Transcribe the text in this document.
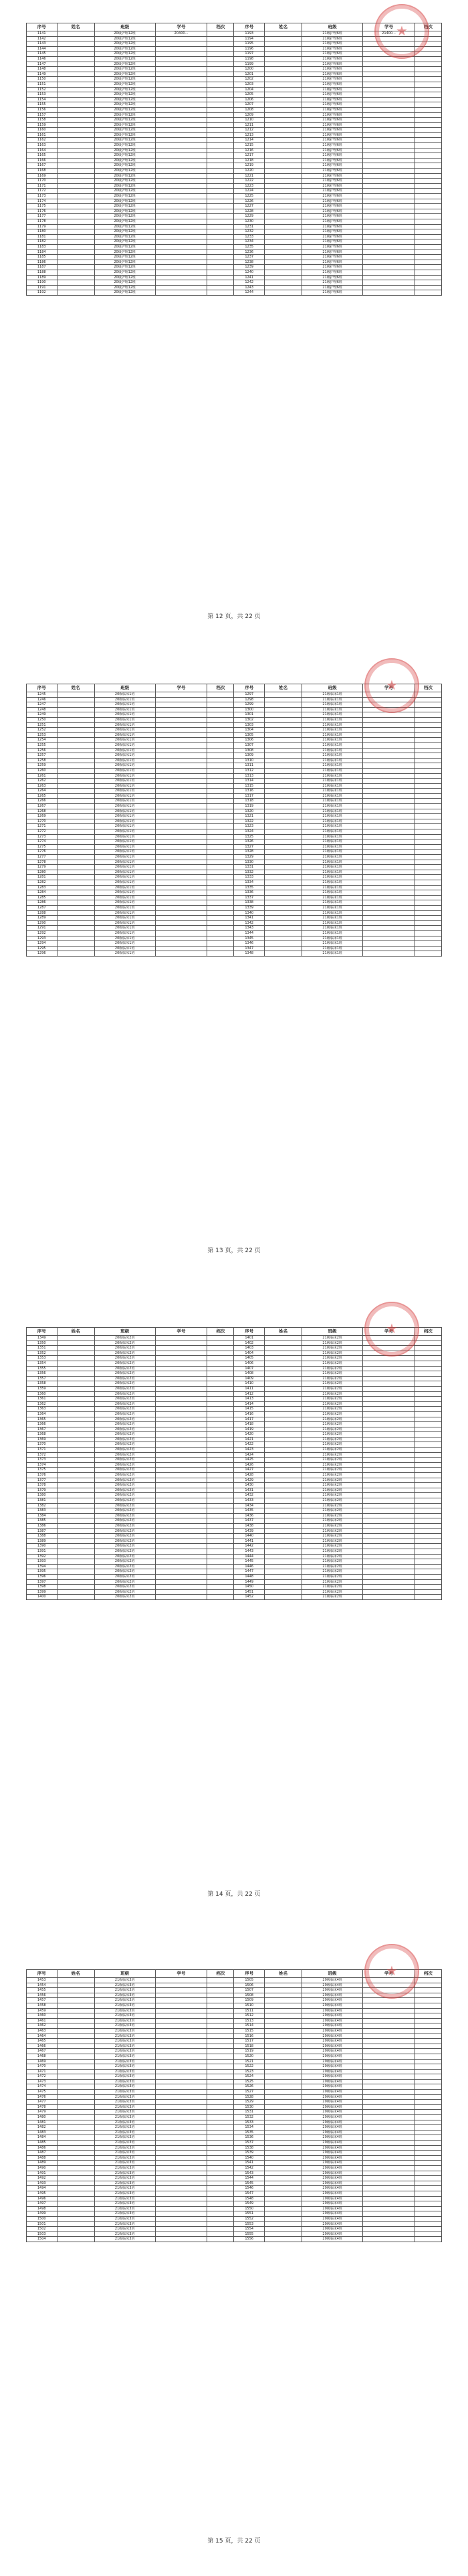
序号	姓名	班级	学号	档次	序号	姓名	班级	学号	档次
1141		20级护理12班	20400...		1193		21级护理6班	21400...	
1142		20级护理12班			1194		21级护理6班		
1143		20级护理12班			1195		21级护理6班		
1144		20级护理12班			1196		21级护理6班		
1145		20级护理12班			1197		21级护理6班		
1146		20级护理12班			1198		21级护理6班		
1147		20级护理12班			1199		21级护理6班		
1148		20级护理12班			1200		21级护理6班		
1149		20级护理12班			1201		21级护理6班		
1150		20级护理12班			1202		21级护理6班		
1151		20级护理12班			1203		21级护理6班		
1152		20级护理12班			1204		21级护理6班		
1153		20级护理12班			1205		21级护理6班		
1154		20级护理12班			1206		21级护理6班		
1155		20级护理12班			1207		21级护理6班		
1156		20级护理12班			1208		21级护理6班		
1157		20级护理12班			1209		21级护理6班		
1158		20级护理12班			1210		21级护理6班		
1159		20级护理12班			1211		21级护理6班		
1160		20级护理12班			1212		21级护理6班		
1161		20级护理12班			1213		21级护理6班		
1162		20级护理12班			1214		21级护理6班		
1163		20级护理12班			1215		21级护理6班		
1164		20级护理12班			1216		21级护理6班		
1165		20级护理12班			1217		21级护理6班		
1166		20级护理12班			1218		21级护理6班		
1167		20级护理12班			1219		21级护理6班		
1168		20级护理12班			1220		21级护理6班		
1169		20级护理12班			1221		21级护理6班		
1170		20级护理12班			1222		21级护理6班		
1171		20级护理12班			1223		21级护理6班		
1172		20级护理12班			1224		21级护理6班		
1173		20级护理12班			1225		21级护理6班		
1174		20级护理12班			1226		21级护理6班		
1175		20级护理12班			1227		21级护理6班		
1176		20级护理12班			1228		21级护理6班		
1177		20级护理12班			1229		21级护理6班		
1178		20级护理12班			1230		21级护理6班		
1179		20级护理12班			1231		21级护理6班		
1180		20级护理12班			1232		21级护理6班		
1181		20级护理12班			1233		21级护理6班		
1182		20级护理12班			1234		21级护理6班		
1183		20级护理12班			1235		21级护理6班		
1184		20级护理12班			1236		21级护理6班		
1185		20级护理12班			1237		21级护理6班		
1186		20级护理12班			1238		21级护理6班		
1187		20级护理12班			1239		21级护理6班		
1188		20级护理12班			1240		21级护理6班		
1189		20级护理12班			1241		21级护理6班		
1190		20级护理12班			1242		21级护理6班		
1191		20级护理12班			1243		21级护理6班		
1192		20级护理12班			1244		21级护理6班		
★
第 12 页，共 22 页
序号	姓名	班级	学号	档次	序号	姓名	班级	学号	档次
1245		20级临床1班			1297		21级临床1班		
1246		20级临床1班			1298		21级临床1班		
1247		20级临床1班			1299		21级临床1班		
1248		20级临床1班			1300		21级临床1班		
1249		20级临床1班			1301		21级临床1班		
1250		20级临床1班			1302		21级临床1班		
1251		20级临床1班			1303		21级临床1班		
1252		20级临床1班			1304		21级临床1班		
1253		20级临床1班			1305		21级临床1班		
1254		20级临床1班			1306		21级临床1班		
1255		20级临床1班			1307		21级临床1班		
1256		20级临床1班			1308		21级临床1班		
1257		20级临床1班			1309		21级临床1班		
1258		20级临床1班			1310		21级临床1班		
1259		20级临床1班			1311		21级临床1班		
1260		20级临床1班			1312		21级临床1班		
1261		20级临床1班			1313		21级临床1班		
1262		20级临床1班			1314		21级临床1班		
1263		20级临床1班			1315		21级临床1班		
1264		20级临床1班			1316		21级临床1班		
1265		20级临床1班			1317		21级临床1班		
1266		20级临床1班			1318		21级临床1班		
1267		20级临床1班			1319		21级临床1班		
1268		20级临床1班			1320		21级临床1班		
1269		20级临床1班			1321		21级临床1班		
1270		20级临床1班			1322		21级临床1班		
1271		20级临床1班			1323		21级临床1班		
1272		20级临床1班			1324		21级临床1班		
1273		20级临床1班			1325		21级临床1班		
1274		20级临床1班			1326		21级临床1班		
1275		20级临床1班			1327		21级临床1班		
1276		20级临床1班			1328		21级临床1班		
1277		20级临床1班			1329		21级临床1班		
1278		20级临床1班			1330		21级临床1班		
1279		20级临床1班			1331		21级临床1班		
1280		20级临床1班			1332		21级临床1班		
1281		20级临床1班			1333		21级临床1班		
1282		20级临床1班			1334		21级临床1班		
1283		20级临床1班			1335		21级临床1班		
1284		20级临床1班			1336		21级临床1班		
1285		20级临床1班			1337		21级临床1班		
1286		20级临床1班			1338		21级临床1班		
1287		20级临床1班			1339		21级临床1班		
1288		20级临床1班			1340		21级临床1班		
1289		20级临床1班			1341		21级临床1班		
1290		20级临床1班			1342		21级临床1班		
1291		20级临床1班			1343		21级临床1班		
1292		20级临床1班			1344		21级临床1班		
1293		20级临床1班			1345		21级临床1班		
1294		20级临床1班			1346		21级临床1班		
1295		20级临床1班			1347		21级临床1班		
1296		20级临床1班			1348		21级临床1班		
★
第 13 页，共 22 页
序号	姓名	班级	学号	档次	序号	姓名	班级	学号	档次
1349		20级临床2班			1401		21级临床2班		
1350		20级临床2班			1402		21级临床2班		
1351		20级临床2班			1403		21级临床2班		
1352		20级临床2班			1404		21级临床2班		
1353		20级临床2班			1405		21级临床2班		
1354		20级临床2班			1406		21级临床2班		
1355		20级临床2班			1407		21级临床2班		
1356		20级临床2班			1408		21级临床2班		
1357		20级临床2班			1409		21级临床2班		
1358		20级临床2班			1410		21级临床2班		
1359		20级临床2班			1411		21级临床2班		
1360		20级临床2班			1412		21级临床2班		
1361		20级临床2班			1413		21级临床2班		
1362		20级临床2班			1414		21级临床2班		
1363		20级临床2班			1415		21级临床2班		
1364		20级临床2班			1416		21级临床2班		
1365		20级临床2班			1417		21级临床2班		
1366		20级临床2班			1418		21级临床2班		
1367		20级临床2班			1419		21级临床2班		
1368		20级临床2班			1420		21级临床2班		
1369		20级临床2班			1421		21级临床2班		
1370		20级临床2班			1422		21级临床2班		
1371		20级临床2班			1423		21级临床2班		
1372		20级临床2班			1424		21级临床2班		
1373		20级临床2班			1425		21级临床2班		
1374		20级临床2班			1426		21级临床2班		
1375		20级临床2班			1427		21级临床2班		
1376		20级临床2班			1428		21级临床2班		
1377		20级临床2班			1429		21级临床2班		
1378		20级临床2班			1430		21级临床2班		
1379		20级临床2班			1431		21级临床2班		
1380		20级临床2班			1432		21级临床2班		
1381		20级临床2班			1433		21级临床2班		
1382		20级临床2班			1434		21级临床2班		
1383		20级临床2班			1435		21级临床2班		
1384		20级临床2班			1436		21级临床2班		
1385		20级临床2班			1437		21级临床2班		
1386		20级临床2班			1438		21级临床2班		
1387		20级临床2班			1439		21级临床2班		
1388		20级临床2班			1440		21级临床2班		
1389		20级临床2班			1441		21级临床2班		
1390		20级临床2班			1442		21级临床2班		
1391		20级临床2班			1443		21级临床2班		
1392		20级临床2班			1444		21级临床2班		
1393		20级临床2班			1445		21级临床2班		
1394		20级临床2班			1446		21级临床2班		
1395		20级临床2班			1447		21级临床2班		
1396		20级临床2班			1448		21级临床2班		
1397		20级临床2班			1449		21级临床2班		
1398		20级临床2班			1450		21级临床2班		
1399		20级临床2班			1451		21级临床2班		
1400		20级临床2班			1452		21级临床2班		
★
第 14 页，共 22 页
序号	姓名	班级	学号	档次	序号	姓名	班级	学号	档次
1453		21级临床3班			1505		20级临床4班		
1454		21级临床3班			1506		20级临床4班		
1455		21级临床3班			1507		20级临床4班		
1456		21级临床3班			1508		20级临床4班		
1457		21级临床3班			1509		20级临床4班		
1458		21级临床3班			1510		20级临床4班		
1459		21级临床3班			1511		20级临床4班		
1460		21级临床3班			1512		20级临床4班		
1461		21级临床3班			1513		20级临床4班		
1462		21级临床3班			1514		20级临床4班		
1463		21级临床3班			1515		20级临床4班		
1464		21级临床3班			1516		20级临床4班		
1465		21级临床3班			1517		20级临床4班		
1466		21级临床3班			1518		20级临床4班		
1467		21级临床3班			1519		20级临床4班		
1468		21级临床3班			1520		20级临床4班		
1469		21级临床3班			1521		20级临床4班		
1470		21级临床3班			1522		20级临床4班		
1471		21级临床3班			1523		20级临床4班		
1472		21级临床3班			1524		20级临床4班		
1473		21级临床3班			1525		20级临床4班		
1474		21级临床3班			1526		20级临床4班		
1475		21级临床3班			1527		20级临床4班		
1476		21级临床3班			1528		20级临床4班		
1477		21级临床3班			1529		20级临床4班		
1478		21级临床3班			1530		20级临床4班		
1479		21级临床3班			1531		20级临床4班		
1480		21级临床3班			1532		20级临床4班		
1481		21级临床3班			1533		20级临床4班		
1482		21级临床3班			1534		20级临床4班		
1483		21级临床3班			1535		20级临床4班		
1484		21级临床3班			1536		20级临床4班		
1485		21级临床3班			1537		20级临床4班		
1486		21级临床3班			1538		20级临床4班		
1487		21级临床3班			1539		20级临床4班		
1488		21级临床3班			1540		20级临床4班		
1489		21级临床3班			1541		20级临床4班		
1490		21级临床3班			1542		20级临床4班		
1491		21级临床3班			1543		20级临床4班		
1492		21级临床3班			1544		20级临床4班		
1493		21级临床3班			1545		20级临床4班		
1494		21级临床3班			1546		20级临床4班		
1495		21级临床3班			1547		20级临床4班		
1496		21级临床3班			1548		20级临床4班		
1497		21级临床3班			1549		20级临床4班		
1498		21级临床3班			1550		20级临床4班		
1499		21级临床3班			1551		20级临床4班		
1500		21级临床3班			1552		20级临床4班		
1501		21级临床3班			1553		20级临床4班		
1502		21级临床3班			1554		20级临床4班		
1503		21级临床3班			1555		20级临床4班		
1504		21级临床3班			1556		20级临床4班		
★
第 15 页，共 22 页
